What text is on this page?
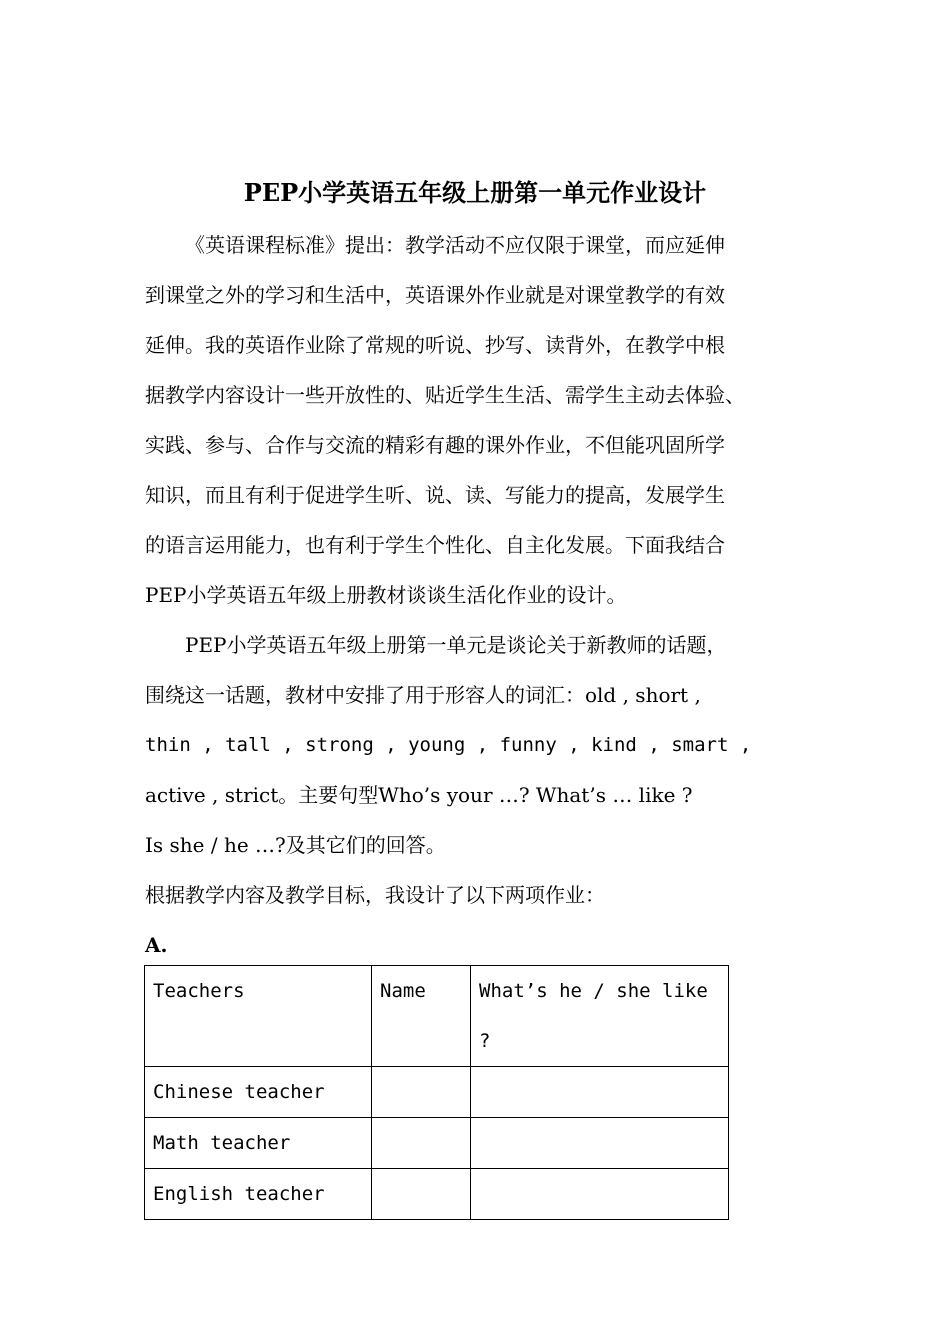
PEP小学英语五年级上册第一单元作业设计
《英语课程标准》提出：教学活动不应仅限于课堂，而应延伸
到课堂之外的学习和生活中，英语课外作业就是对课堂教学的有效
延伸。我的英语作业除了常规的听说、抄写、读背外，在教学中根
据教学内容设计一些开放性的、贴近学生生活、需学生主动去体验、
实践、参与、合作与交流的精彩有趣的课外作业，不但能巩固所学
知识，而且有利于促进学生听、说、读、写能力的提高，发展学生
的语言运用能力，也有利于学生个性化、自主化发展。下面我结合
PEP小学英语五年级上册教材谈谈生活化作业的设计。
PEP小学英语五年级上册第一单元是谈论关于新教师的话题，
围绕这一话题，教材中安排了用于形容人的词汇：old , short ,
thin , tall , strong , young , funny , kind , smart ,
active , strict。主要句型Who’s your …? What’s … like ?
Is she / he …?及其它们的回答。
根据教学内容及教学目标，我设计了以下两项作业：
A.
Teachers	Name	What’s he / she like ?
Chinese teacher		
Math teacher		
English teacher		
